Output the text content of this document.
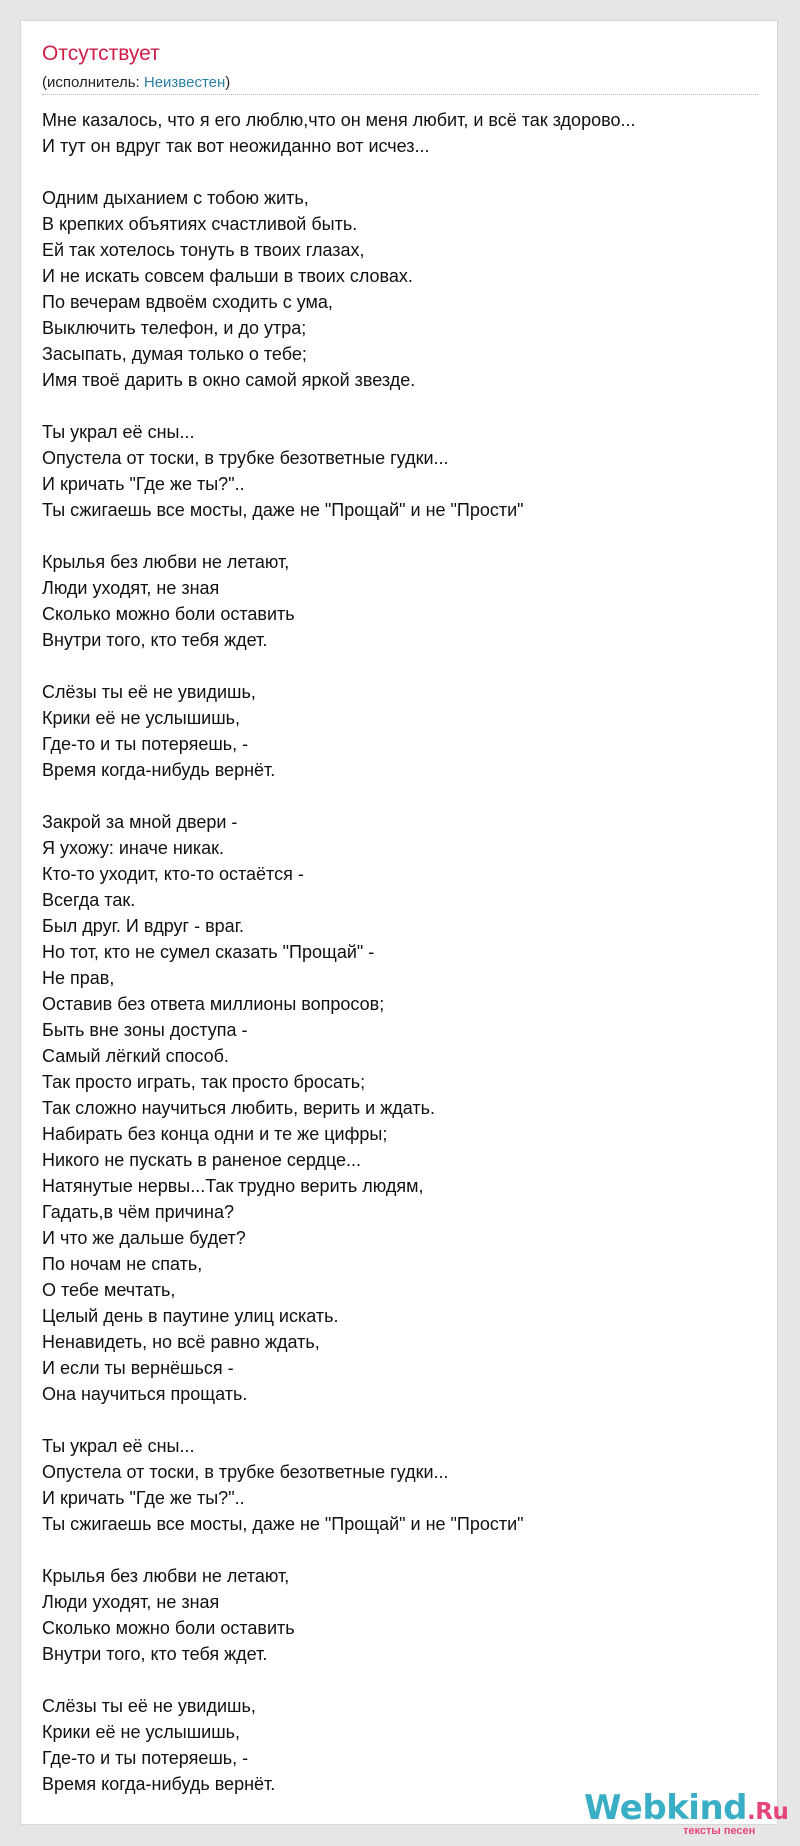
Отсутствует
(исполнитель: Неизвестен)
Мне казалось, что я его люблю,что он меня любит, и всё так здорово...
И тут он вдруг так вот неожиданно вот исчез...
Одним дыханием с тобою жить,
В крепких объятиях счастливой быть.
Ей так хотелось тонуть в твоих глазах,
И не искать совсем фальши в твоих словах.
По вечерам вдвоём сходить с ума,
Выключить телефон, и до утра;
Засыпать, думая только о тебе;
Имя твоё дарить в окно самой яркой звезде.
Ты украл её сны...
Опустела от тоски, в трубке безответные гудки...
И кричать "Где же ты?"..
Ты сжигаешь все мосты, даже не "Прощай" и не "Прости"
Крылья без любви не летают,
Люди уходят, не зная
Сколько можно боли оставить
Внутри того, кто тебя ждет.
Слёзы ты её не увидишь,
Крики её не услышишь,
Где-то и ты потеряешь, -
Время когда-нибудь вернёт.
Закрой за мной двери -
Я ухожу: иначе никак.
Кто-то уходит, кто-то остаётся -
Всегда так.
Был друг. И вдруг - враг.
Но тот, кто не сумел сказать "Прощай" -
Не прав,
Оставив без ответа миллионы вопросов;
Быть вне зоны доступа -
Самый лёгкий способ.
Так просто играть, так просто бросать;
Так сложно научиться любить, верить и ждать.
Набирать без конца одни и те же цифры;
Никого не пускать в раненое сердце...
Натянутые нервы...Так трудно верить людям,
Гадать,в чём причина?
И что же дальше будет?
По ночам не спать,
О тебе мечтать,
Целый день в паутине улиц искать.
Ненавидеть, но всё равно ждать,
И если ты вернёшься -
Она научиться прощать.
Ты украл её сны...
Опустела от тоски, в трубке безответные гудки...
И кричать "Где же ты?"..
Ты сжигаешь все мосты, даже не "Прощай" и не "Прости"
Крылья без любви не летают,
Люди уходят, не зная
Сколько можно боли оставить
Внутри того, кто тебя ждет.
Слёзы ты её не увидишь,
Крики её не услышишь,
Где-то и ты потеряешь, -
Время когда-нибудь вернёт.
Webkind.Ru
тексты песен
